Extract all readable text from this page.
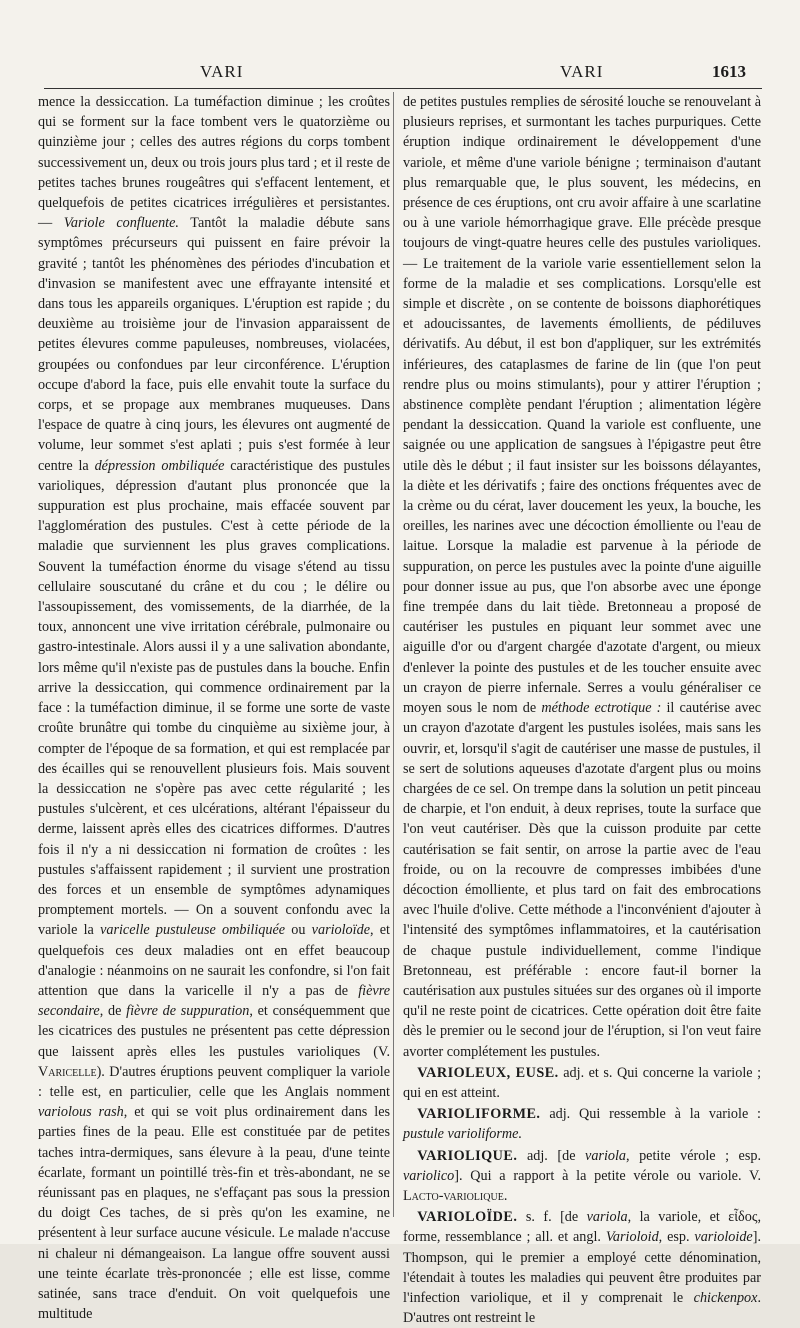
VARI	VARI	1613

mence la dessiccation. La tuméfaction diminue ; les croûtes qui se forment sur la face tombent vers le quatorzième ou quinzième jour ; celles des autres régions du corps tombent successivement un, deux ou trois jours plus tard ; et il reste de petites taches brunes rougeâtres qui s'effacent lentement, et quelquefois de petites cicatrices irrégulières et persistantes. — Variole confluente. Tantôt la maladie débute sans symptômes précurseurs qui puissent en faire prévoir la gravité ; tantôt les phénomènes des périodes d'incubation et d'invasion se manifestent avec une effrayante intensité et dans tous les appareils organiques. L'éruption est rapide ; du deuxième au troisième jour de l'invasion apparaissent de petites élevures comme papuleuses, nombreuses, violacées, groupées ou confondues par leur circonférence. L'éruption occupe d'abord la face, puis elle envahit toute la surface du corps, et se propage aux membranes muqueuses. Dans l'espace de quatre à cinq jours, les élevures ont augmenté de volume, leur sommet s'est aplati ; puis s'est formée à leur centre la dépression ombiliquée caractéristique des pustules varioliques, dépression d'autant plus prononcée que la suppuration est plus prochaine, mais effacée souvent par l'agglomération des pustules. C'est à cette période de la maladie que surviennent les plus graves complications. Souvent la tuméfaction énorme du visage s'étend au tissu cellulaire souscutané du crâne et du cou ; le délire ou l'assoupissement, des vomissements, de la diarrhée, de la toux, annoncent une vive irritation cérébrale, pulmonaire ou gastro-intestinale. Alors aussi il y a une salivation abondante, lors même qu'il n'existe pas de pustules dans la bouche. Enfin arrive la dessiccation, qui commence ordinairement par la face : la tuméfaction diminue, il se forme une sorte de vaste croûte brunâtre qui tombe du cinquième au sixième jour, à compter de l'époque de sa formation, et qui est remplacée par des écailles qui se renouvellent plusieurs fois. Mais souvent la dessiccation ne s'opère pas avec cette régularité ; les pustules s'ulcèrent, et ces ulcérations, altérant l'épaisseur du derme, laissent après elles des cicatrices difformes. D'autres fois il n'y a ni dessiccation ni formation de croûtes : les pustules s'affaissent rapidement ; il survient une prostration des forces et un ensemble de symptômes adynamiques promptement mortels. — On a souvent confondu avec la variole la varicelle pustuleuse ombiliquée ou varioloïde, et quelquefois ces deux maladies ont en effet beaucoup d'analogie : néanmoins on ne saurait les confondre, si l'on fait attention que dans la varicelle il n'y a pas de fièvre secondaire, de fièvre de suppuration, et conséquemment que les cicatrices des pustules ne présentent pas cette dépression que laissent après elles les pustules varioliques (V. Varicelle). D'autres éruptions peuvent compliquer la variole : telle est, en particulier, celle que les Anglais nomment variolous rash, et qui se voit plus ordinairement dans les parties fines de la peau. Elle est constituée par de petites taches intra-dermiques, sans élevure à la peau, d'une teinte écarlate, formant un pointillé très-fin et très-abondant, ne se réunissant pas en plaques, ne s'effaçant pas sous la pression du doigt Ces taches, de si près qu'on les examine, ne présentent à leur surface aucune vésicule. Le malade n'accuse ni chaleur ni démangeaison. La langue offre souvent aussi une teinte écarlate très-prononcée ; elle est lisse, comme satinée, sans trace d'enduit. On voit quelquefois une multitude

de petites pustules remplies de sérosité louche se renouvelant à plusieurs reprises, et surmontant les taches purpuriques. Cette éruption indique ordinairement le développement d'une variole, et même d'une variole bénigne ; terminaison d'autant plus remarquable que, le plus souvent, les médecins, en présence de ces éruptions, ont cru avoir affaire à une scarlatine ou à une variole hémorrhagique grave. Elle précède presque toujours de vingt-quatre heures celle des pustules varioliques. — Le traitement de la variole varie essentiellement selon la forme de la maladie et ses complications. Lorsqu'elle est simple et discrète , on se contente de boissons diaphorétiques et adoucissantes, de lavements émollients, de pédiluves dérivatifs. Au début, il est bon d'appliquer, sur les extrémités inférieures, des cataplasmes de farine de lin (que l'on peut rendre plus ou moins stimulants), pour y attirer l'éruption ; abstinence complète pendant l'éruption ; alimentation légère pendant la dessiccation. Quand la variole est confluente, une saignée ou une application de sangsues à l'épigastre peut être utile dès le début ; il faut insister sur les boissons délayantes, la diète et les dérivatifs ; faire des onctions fréquentes avec de la crème ou du cérat, laver doucement les yeux, la bouche, les oreilles, les narines avec une décoction émolliente ou l'eau de laitue. Lorsque la maladie est parvenue à la période de suppuration, on perce les pustules avec la pointe d'une aiguille pour donner issue au pus, que l'on absorbe avec une éponge fine trempée dans du lait tiède. Bretonneau a proposé de cautériser les pustules en piquant leur sommet avec une aiguille d'or ou d'argent chargée d'azotate d'argent, ou mieux d'enlever la pointe des pustules et de les toucher ensuite avec un crayon de pierre infernale. Serres a voulu généraliser ce moyen sous le nom de méthode ectrotique : il cautérise avec un crayon d'azotate d'argent les pustules isolées, mais sans les ouvrir, et, lorsqu'il s'agit de cautériser une masse de pustules, il se sert de solutions aqueuses d'azotate d'argent plus ou moins chargées de ce sel. On trempe dans la solution un petit pinceau de charpie, et l'on enduit, à deux reprises, toute la surface que l'on veut cautériser. Dès que la cuisson produite par cette cautérisation se fait sentir, on arrose la partie avec de l'eau froide, ou on la recouvre de compresses imbibées d'une décoction émolliente, et plus tard on fait des embrocations avec l'huile d'olive. Cette méthode a l'inconvénient d'ajouter à l'intensité des symptômes inflammatoires, et la cautérisation de chaque pustule individuellement, comme l'indique Bretonneau, est préférable : encore faut-il borner la cautérisation aux pustules situées sur des organes où il importe qu'il ne reste point de cicatrices. Cette opération doit être faite dès le premier ou le second jour de l'éruption, si l'on veut faire avorter complétement les pustules.

 VARIOLEUX, EUSE. adj. et s. Qui concerne la variole ; qui en est atteint.

 VARIOLIFORME. adj. Qui ressemble à la variole : pustule varioliforme.

 VARIOLIQUE. adj. [de variola, petite vérole ; esp. variolico]. Qui a rapport à la petite vérole ou variole. V. Lacto-variolique.

 VARIOLOÏDE. s. f. [de variola, la variole, et εἶδος, forme, ressemblance ; all. et angl. Varioloid, esp. varioloide]. Thompson, qui le premier a employé cette dénomination, l'étendait à toutes les maladies qui peuvent être produites par l'infection variolique, et il y comprenait le chickenpox. D'autres ont restreint le
